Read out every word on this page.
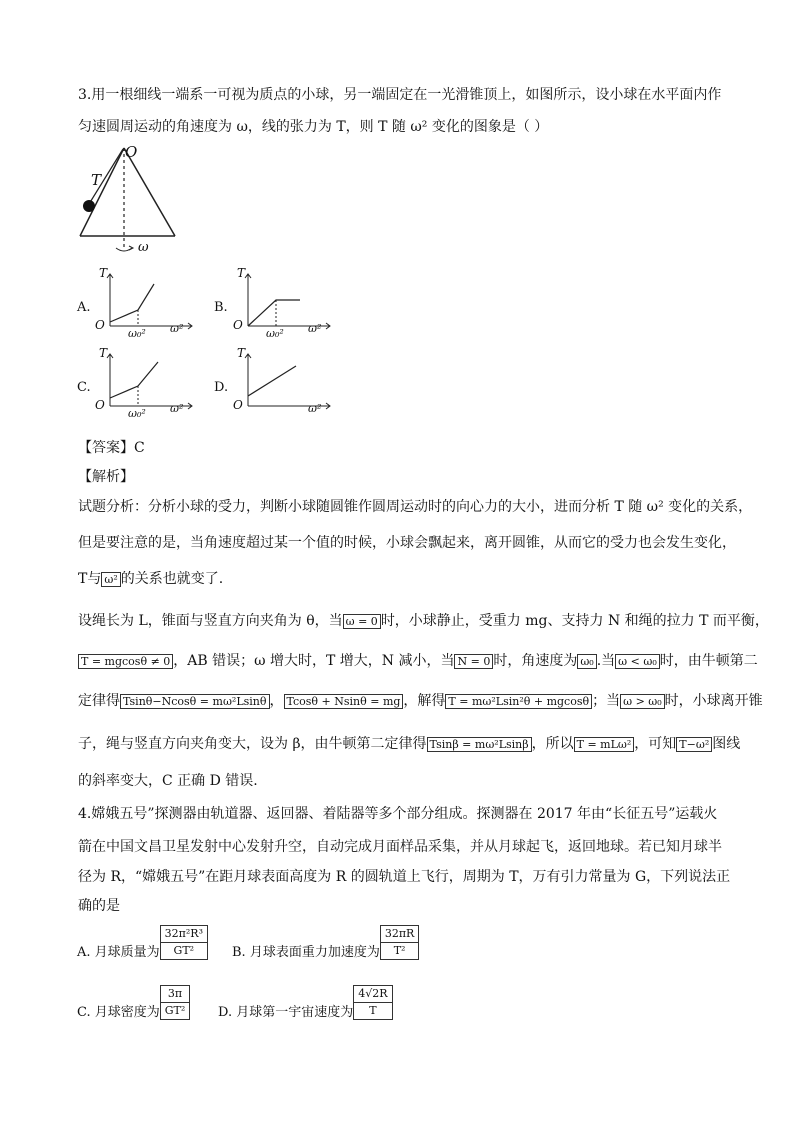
3.用一根细线一端系一可视为质点的小球，另一端固定在一光滑锥顶上，如图所示，设小球在水平面内作
匀速圆周运动的角速度为 ω，线的张力为 T，则 T 随 ω² 变化的图象是（ ）
O
T
ω
A.
T
O	ω²
ω₀²
B.
T
O	ω²
ω₀²
C.
T
O	ω²
ω₀²
D.
T
O	ω²
【答案】C
【解析】
试题分析：分析小球的受力，判断小球随圆锥作圆周运动时的向心力的大小，进而分析 T 随 ω² 变化的关系，
但是要注意的是，当角速度超过某一个值的时候，小球会飘起来，离开圆锥，从而它的受力也会发生变化，
T与 ω² 的关系也就变了.
设绳长为 L，锥面与竖直方向夹角为 θ，当 ω = 0 时，小球静止，受重力 mg、支持力 N 和绳的拉力 T 而平衡，
T = mgcosθ ≠ 0 ，AB 错误；ω 增大时，T 增大，N 减小，当 N = 0 时，角速度为 ω₀ .当 ω < ω₀ 时，由牛顿第二
定律得 Tsinθ−Ncosθ = mω²Lsinθ ， Tcosθ + Nsinθ = mg ，解得 T = mω²Lsin²θ + mgcosθ ；当 ω > ω₀ 时，小球离开锥
子，绳与竖直方向夹角变大，设为 β，由牛顿第二定律得 Tsinβ = mω²Lsinβ ，所以 T = mLω² ，可知 T−ω² 图线
的斜率变大，C 正确 D 错误.
4.嫦娥五号”探测器由轨道器、返回器、着陆器等多个部分组成。探测器在 2017 年由“长征五号”运载火
箭在中国文昌卫星发射中心发射升空，自动完成月面样品采集，并从月球起飞，返回地球。若已知月球半
径为 R，“嫦娥五号”在距月球表面高度为 R 的圆轨道上飞行，周期为 T，万有引力常量为 G，下列说法正
确的是
A. 月球质量为 $\frac{\text{32π²R³}}{\text{GT²}} B$. 月球表面重力加速度为 $\frac{32\pi R}{\text{T²}}$
C. 月球密度为 $\frac{3\pi}{\text{GT²}} D$. 月球第一宇宙速度为 $\frac{4√2R}{T}$
